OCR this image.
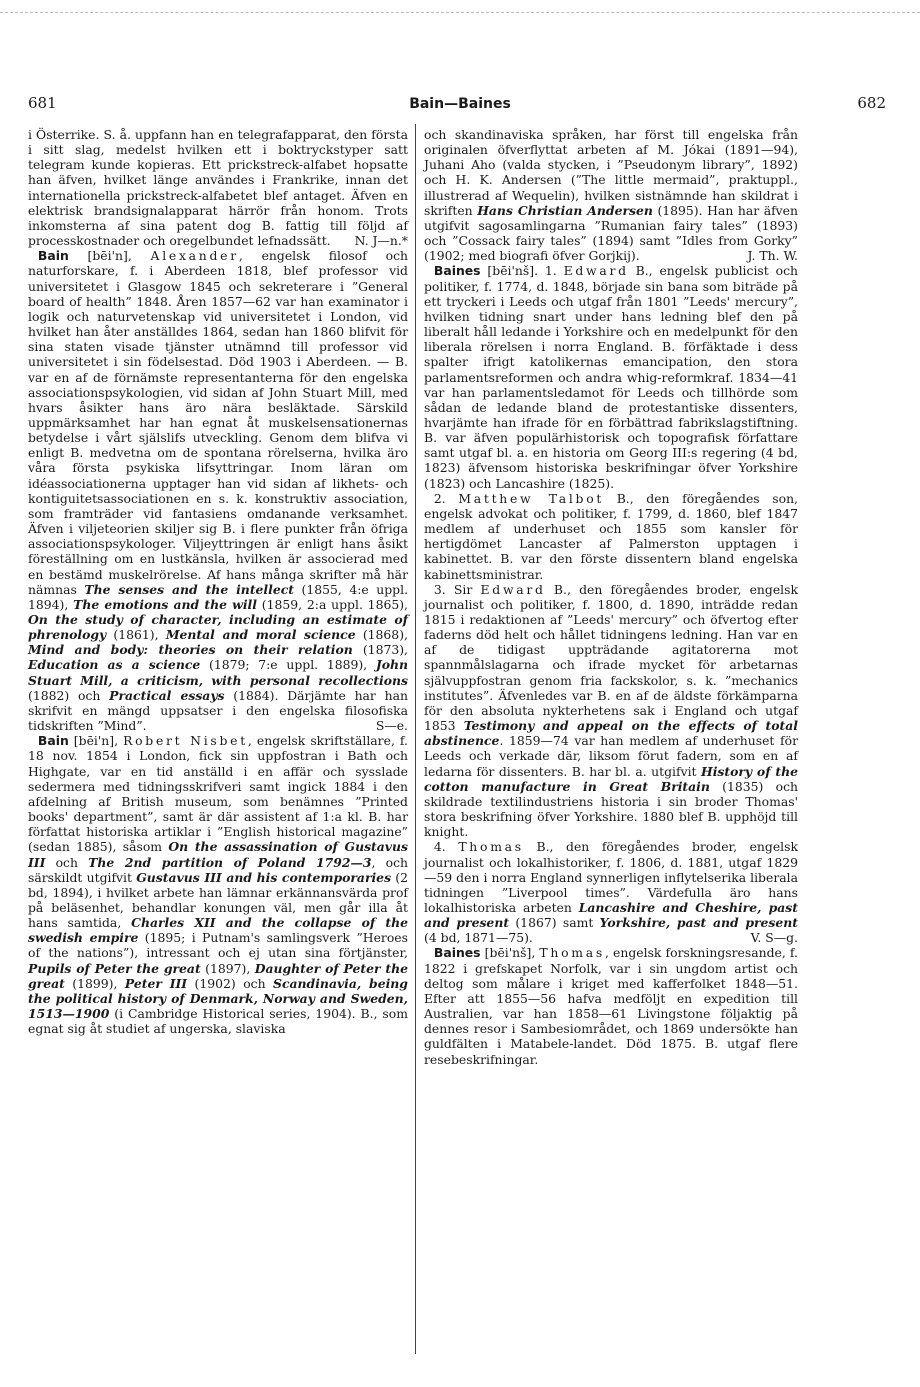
681	Bain—Baines	682

i Österrike. S. å. uppfann han en telegrafapparat, den första i sitt slag, medelst hvilken ett i boktryckstyper satt telegram kunde kopieras. Ett prickstreck-alfabet hopsatte han äfven, hvilket länge användes i Frankrike, innan det internationella prickstreck-alfabetet blef antaget. Äfven en elektrisk brandsignalapparat härrör från honom. Trots inkomsterna af sina patent dog B. fattig till följd af processkostnader och oregelbundet lefnadssätt.	N. J—n.*

Bain [bēi'n], Alexander, engelsk filosof och naturforskare, f. i Aberdeen 1818, blef professor vid universitetet i Glasgow 1845 och sekreterare i ”General board of health” 1848. Åren 1857—62 var han examinator i logik och naturvetenskap vid universitetet i London, vid hvilket han åter anställdes 1864, sedan han 1860 blifvit för sina staten visade tjänster utnämnd till professor vid universitetet i sin födelsestad. Död 1903 i Aberdeen. — B. var en af de förnämste representanterna för den engelska associationspsykologien, vid sidan af John Stuart Mill, med hvars åsikter hans äro nära besläktade. Särskild uppmärksamhet har han egnat åt muskelsensationernas betydelse i vårt själslifs utveckling. Genom dem blifva vi enligt B. medvetna om de spontana rörelserna, hvilka äro våra första psykiska lifsyttringar. Inom läran om idéassociationerna upptager han vid sidan af likhets- och kontiguitetsassociationen en s. k. konstruktiv association, som framträder vid fantasiens omdanande verksamhet. Äfven i viljeteorien skiljer sig B. i flere punkter från öfriga associationspsykologer. Viljeyttringen är enligt hans åsikt föreställning om en lustkänsla, hvilken är associerad med en bestämd muskelrörelse. Af hans många skrifter må här nämnas The senses and the intellect (1855, 4:e uppl. 1894), The emotions and the will (1859, 2:a uppl. 1865), On the study of character, including an estimate of phrenology (1861), Mental and moral science (1868), Mind and body: theories on their relation (1873), Education as a science (1879; 7:e uppl. 1889), John Stuart Mill, a criticism, with personal recollections (1882) och Practical essays (1884). Därjämte har han skrifvit en mängd uppsatser i den engelska filosofiska tidskriften ”Mind”.	S—e.

Bain [bēi'n], Robert Nisbet, engelsk skriftställare, f. 18 nov. 1854 i London, fick sin uppfostran i Bath och Highgate, var en tid anställd i en affär och sysslade sedermera med tidningsskrifveri samt ingick 1884 i den afdelning af British museum, som benämnes ”Printed books' department”, samt är där assistent af 1:a kl. B. har författat historiska artiklar i ”English historical magazine” (sedan 1885), såsom On the assassination of Gustavus III och The 2nd partition of Poland 1792—3, och särskildt utgifvit Gustavus III and his contemporaries (2 bd, 1894), i hvilket arbete han lämnar erkännansvärda prof på beläsenhet, behandlar konungen väl, men går illa åt hans samtida, Charles XII and the collapse of the swedish empire (1895; i Putnam's samlingsverk ”Heroes of the nations”), intressant och ej utan sina förtjänster, Pupils of Peter the great (1897), Daughter of Peter the great (1899), Peter III (1902) och Scandinavia, being the political history of Denmark, Norway and Sweden, 1513—1900 (i Cambridge Historical series, 1904). B., som egnat sig åt studiet af ungerska, slaviska

och skandinaviska språken, har först till engelska från originalen öfverflyttat arbeten af M. Jókai (1891—94), Juhani Aho (valda stycken, i ”Pseudonym library”, 1892) och H. K. Andersen (”The little mermaid”, praktuppl., illustrerad af Wequelin), hvilken sistnämnde han skildrat i skriften Hans Christian Andersen (1895). Han har äfven utgifvit sagosamlingarna ”Rumanian fairy tales” (1893) och ”Cossack fairy tales” (1894) samt ”Idles from Gorky” (1902; med biografi öfver Gorjkij).	J. Th. W.

Baines [bēi'nš]. 1. Edward B., engelsk publicist och politiker, f. 1774, d. 1848, började sin bana som biträde på ett tryckeri i Leeds och utgaf från 1801 ”Leeds' mercury”, hvilken tidning snart under hans ledning blef den på liberalt håll ledande i Yorkshire och en medelpunkt för den liberala rörelsen i norra England. B. förfäktade i dess spalter ifrigt katolikernas emancipation, den stora parlamentsreformen och andra whig-reformkraf. 1834—41 var han parlamentsledamot för Leeds och tillhörde som sådan de ledande bland de protestantiske dissenters, hvarjämte han ifrade för en förbättrad fabrikslagstiftning. B. var äfven populärhistorisk och topografisk författare samt utgaf bl. a. en historia om Georg III:s regering (4 bd, 1823) äfvensom historiska beskrifningar öfver Yorkshire (1823) och Lancashire (1825).

2. Matthew Talbot B., den föregåendes son, engelsk advokat och politiker, f. 1799, d. 1860, blef 1847 medlem af underhuset och 1855 som kansler för hertigdömet Lancaster af Palmerston upptagen i kabinettet. B. var den förste dissentern bland engelska kabinettsministrar.

3. Sir Edward B., den föregåendes broder, engelsk journalist och politiker, f. 1800, d. 1890, inträdde redan 1815 i redaktionen af ”Leeds' mercury” och öfvertog efter faderns död helt och hållet tidningens ledning. Han var en af de tidigast uppträdande agitatorerna mot spannmålslagarna och ifrade mycket för arbetarnas självuppfostran genom fria fackskolor, s. k. ”mechanics institutes”. Äfvenledes var B. en af de äldste förkämparna för den absoluta nykterhetens sak i England och utgaf 1853 Testimony and appeal on the effects of total abstinence. 1859—74 var han medlem af underhuset för Leeds och verkade där, liksom förut fadern, som en af ledarna för dissenters. B. har bl. a. utgifvit History of the cotton manufacture in Great Britain (1835) och skildrade textilindustriens historia i sin broder Thomas' stora beskrifning öfver Yorkshire. 1880 blef B. upphöjd till knight.

4. Thomas B., den föregåendes broder, engelsk journalist och lokalhistoriker, f. 1806, d. 1881, utgaf 1829—59 den i norra England synnerligen inflytelserika liberala tidningen ”Liverpool times”. Värdefulla äro hans lokalhistoriska arbeten Lancashire and Cheshire, past and present (1867) samt Yorkshire, past and present (4 bd, 1871—75).	V. S—g.

Baines [bēi'nš], Thomas, engelsk forskningsresande, f. 1822 i grefskapet Norfolk, var i sin ungdom artist och deltog som målare i kriget med kafferfolket 1848—51. Efter att 1855—56 hafva medföljt en expedition till Australien, var han 1858—61 Livingstone följaktig på dennes resor i Sambesiområdet, och 1869 undersökte han guldfälten i Matabele-landet. Död 1875. B. utgaf flere resebeskrifningar.
